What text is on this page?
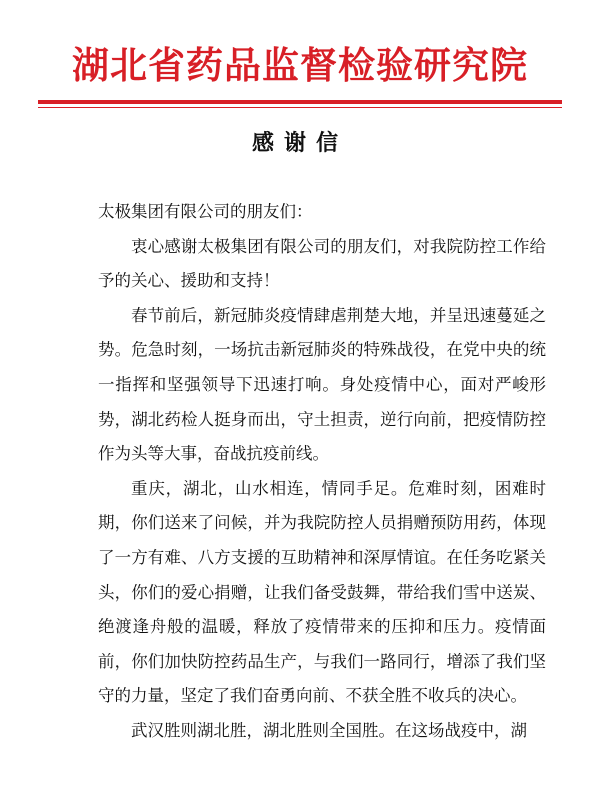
湖北省药品监督检验研究院
感谢信

太极集团有限公司的朋友们：

衷心感谢太极集团有限公司的朋友们，对我院防控工作给予的关心、援助和支持！

春节前后，新冠肺炎疫情肆虐荆楚大地，并呈迅速蔓延之势。危急时刻，一场抗击新冠肺炎的特殊战役，在党中央的统一指挥和坚强领导下迅速打响。身处疫情中心，面对严峻形势，湖北药检人挺身而出，守土担责，逆行向前，把疫情防控作为头等大事，奋战抗疫前线。

重庆，湖北，山水相连，情同手足。危难时刻，困难时期，你们送来了问候，并为我院防控人员捐赠预防用药，体现了一方有难、八方支援的互助精神和深厚情谊。在任务吃紧关头，你们的爱心捐赠，让我们备受鼓舞，带给我们雪中送炭、绝渡逢舟般的温暖，释放了疫情带来的压抑和压力。疫情面前，你们加快防控药品生产，与我们一路同行，增添了我们坚守的力量，坚定了我们奋勇向前、不获全胜不收兵的决心。

武汉胜则湖北胜，湖北胜则全国胜。在这场战疫中，湖
